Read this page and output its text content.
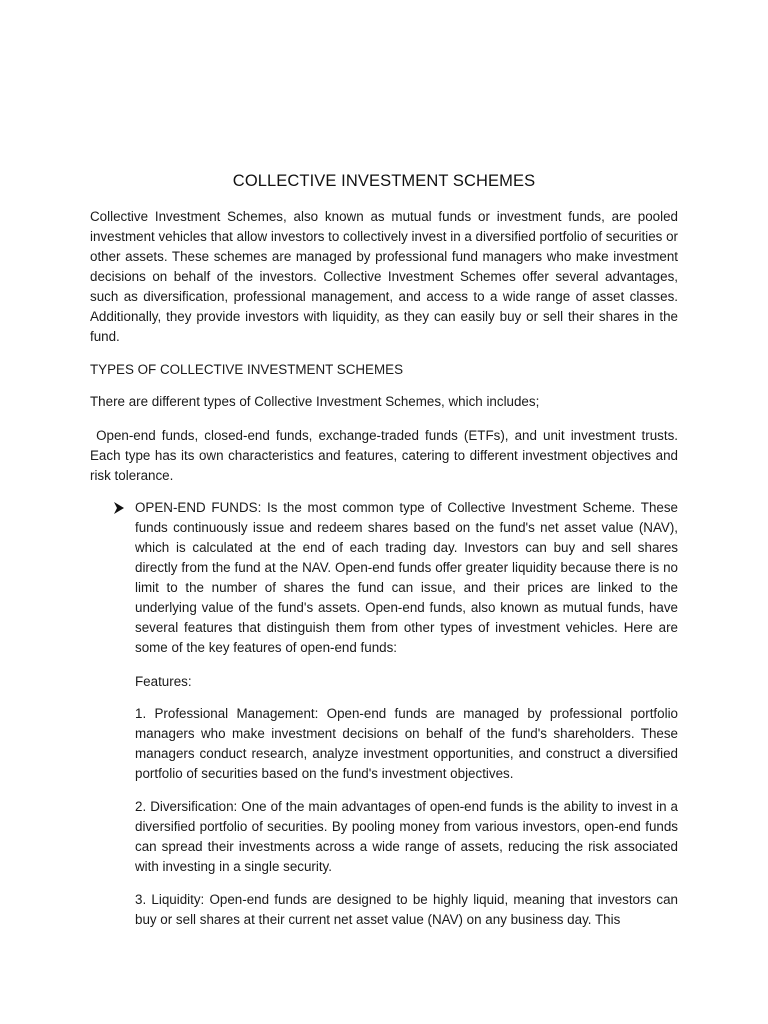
COLLECTIVE INVESTMENT SCHEMES

Collective Investment Schemes, also known as mutual funds or investment funds, are pooled investment vehicles that allow investors to collectively invest in a diversified portfolio of securities or other assets. These schemes are managed by professional fund managers who make investment decisions on behalf of the investors. Collective Investment Schemes offer several advantages, such as diversification, professional management, and access to a wide range of asset classes. Additionally, they provide investors with liquidity, as they can easily buy or sell their shares in the fund.

TYPES OF COLLECTIVE INVESTMENT SCHEMES

There are different types of Collective Investment Schemes, which includes;

Open-end funds, closed-end funds, exchange-traded funds (ETFs), and unit investment trusts. Each type has its own characteristics and features, catering to different investment objectives and risk tolerance.

OPEN-END FUNDS: Is the most common type of Collective Investment Scheme. These funds continuously issue and redeem shares based on the fund's net asset value (NAV), which is calculated at the end of each trading day. Investors can buy and sell shares directly from the fund at the NAV. Open-end funds offer greater liquidity because there is no limit to the number of shares the fund can issue, and their prices are linked to the underlying value of the fund's assets. Open-end funds, also known as mutual funds, have several features that distinguish them from other types of investment vehicles. Here are some of the key features of open-end funds:

Features:

1. Professional Management: Open-end funds are managed by professional portfolio managers who make investment decisions on behalf of the fund's shareholders. These managers conduct research, analyze investment opportunities, and construct a diversified portfolio of securities based on the fund's investment objectives.

2. Diversification: One of the main advantages of open-end funds is the ability to invest in a diversified portfolio of securities. By pooling money from various investors, open-end funds can spread their investments across a wide range of assets, reducing the risk associated with investing in a single security.

3. Liquidity: Open-end funds are designed to be highly liquid, meaning that investors can buy or sell shares at their current net asset value (NAV) on any business day. This
